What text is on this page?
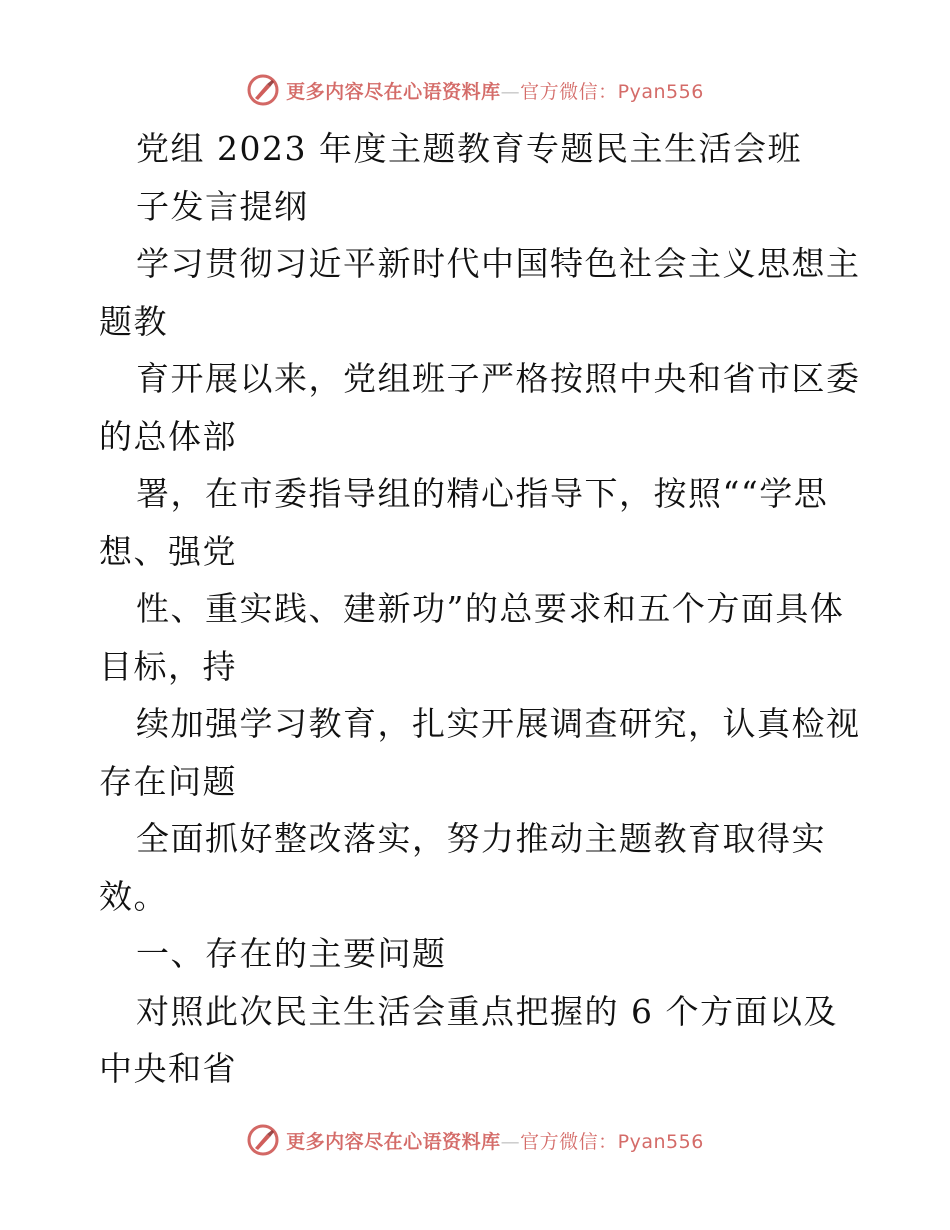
更多内容尽在心语资料库—官方微信：Pyan556

党组 2023 年度主题教育专题民主生活会班

子发言提纲

学习贯彻习近平新时代中国特色社会主义思想主

题教

育开展以来，党组班子严格按照中央和省市区委

的总体部

署，在市委指导组的精心指导下，按照““学思

想、强党

性、重实践、建新功”的总要求和五个方面具体

目标，持

续加强学习教育，扎实开展调查研究，认真检视

存在问题

全面抓好整改落实，努力推动主题教育取得实

效。

一、存在的主要问题

对照此次民主生活会重点把握的 6 个方面以及

中央和省

更多内容尽在心语资料库—官方微信：Pyan556
